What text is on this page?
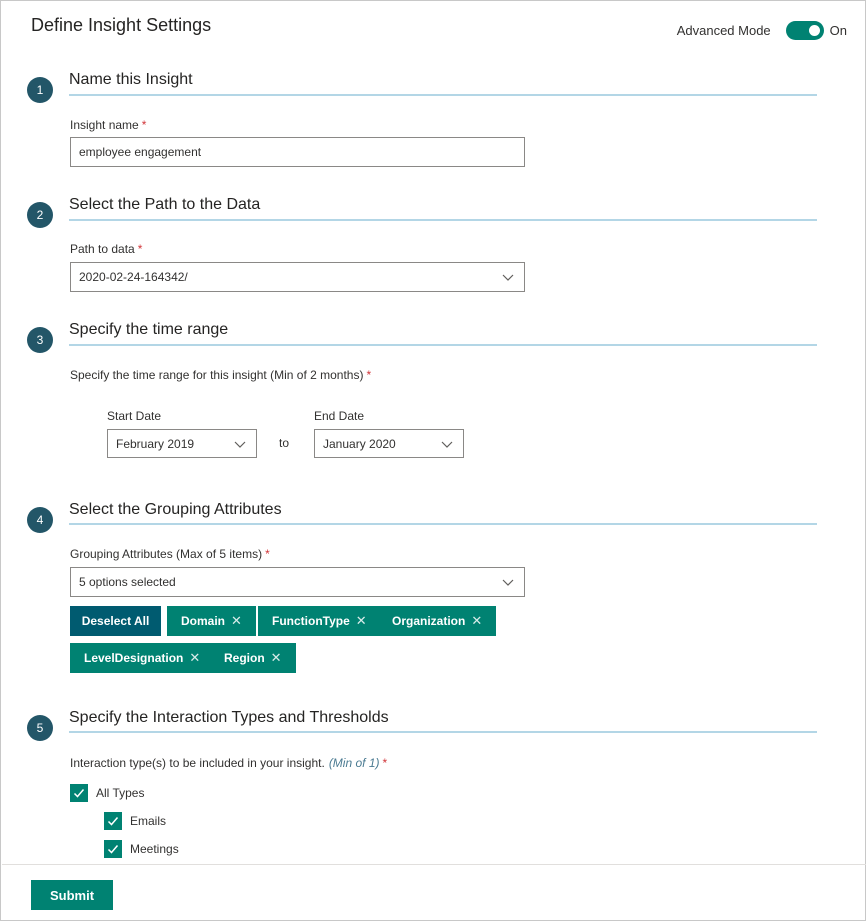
Define Insight Settings	Advanced Mode	On
1
Name this Insight
Insight name *
employee engagement
2
Select the Path to the Data
Path to data *
2020-02-24-164342/
3
Specify the time range
Specify the time range for this insight (Min of 2 months) *
Start Date
February 2019	to
End Date
January 2020
4
Select the Grouping Attributes
Grouping Attributes (Max of 5 items) *
5 options selected
Deselect All	Domain ✕	FunctionType ✕ Organization ✕
LevelDesignation ✕ Region ✕
5
Specify the Interaction Types and Thresholds
Interaction type(s) to be included in your insight. (Min of 1) *
All Types
Emails
Meetings
Submit
